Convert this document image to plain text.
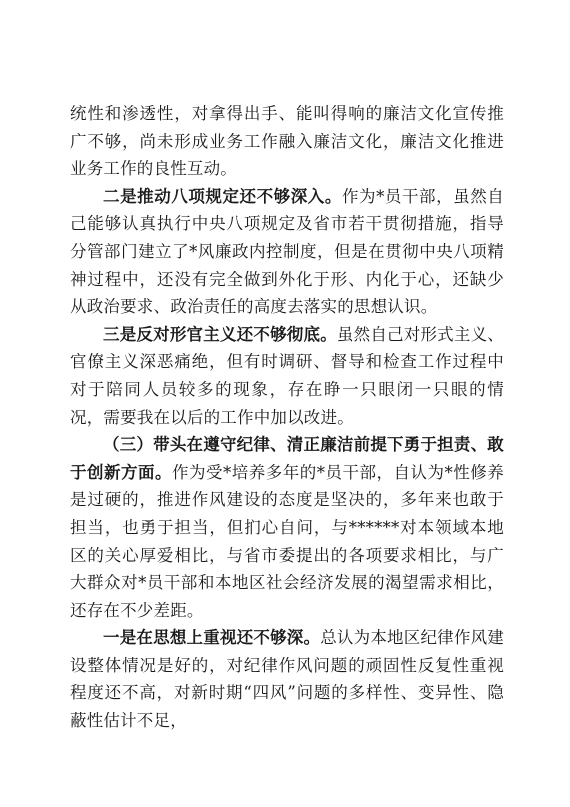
统性和渗透性，对拿得出手、能叫得响的廉洁文化宣传推广不够，尚未形成业务工作融入廉洁文化，廉洁文化推进业务工作的良性互动。

二是推动八项规定还不够深入。作为*员干部，虽然自己能够认真执行中央八项规定及省市若干贯彻措施，指导分管部门建立了*风廉政内控制度，但是在贯彻中央八项精神过程中，还没有完全做到外化于形、内化于心，还缺少从政治要求、政治责任的高度去落实的思想认识。

三是反对形官主义还不够彻底。虽然自己对形式主义、官僚主义深恶痛绝，但有时调研、督导和检查工作过程中对于陪同人员较多的现象，存在睁一只眼闭一只眼的情况，需要我在以后的工作中加以改进。

（三）带头在遵守纪律、清正廉洁前提下勇于担责、敢于创新方面。作为受*培养多年的*员干部，自认为*性修养是过硬的，推进作风建设的态度是坚决的，多年来也敢于担当，也勇于担当，但扪心自问，与******对本领域本地区的关心厚爱相比，与省市委提出的各项要求相比，与广大群众对*员干部和本地区社会经济发展的渴望需求相比，还存在不少差距。

一是在思想上重视还不够深。总认为本地区纪律作风建设整体情况是好的，对纪律作风问题的顽固性反复性重视程度还不高，对新时期“四风”问题的多样性、变异性、隐蔽性估计不足，
